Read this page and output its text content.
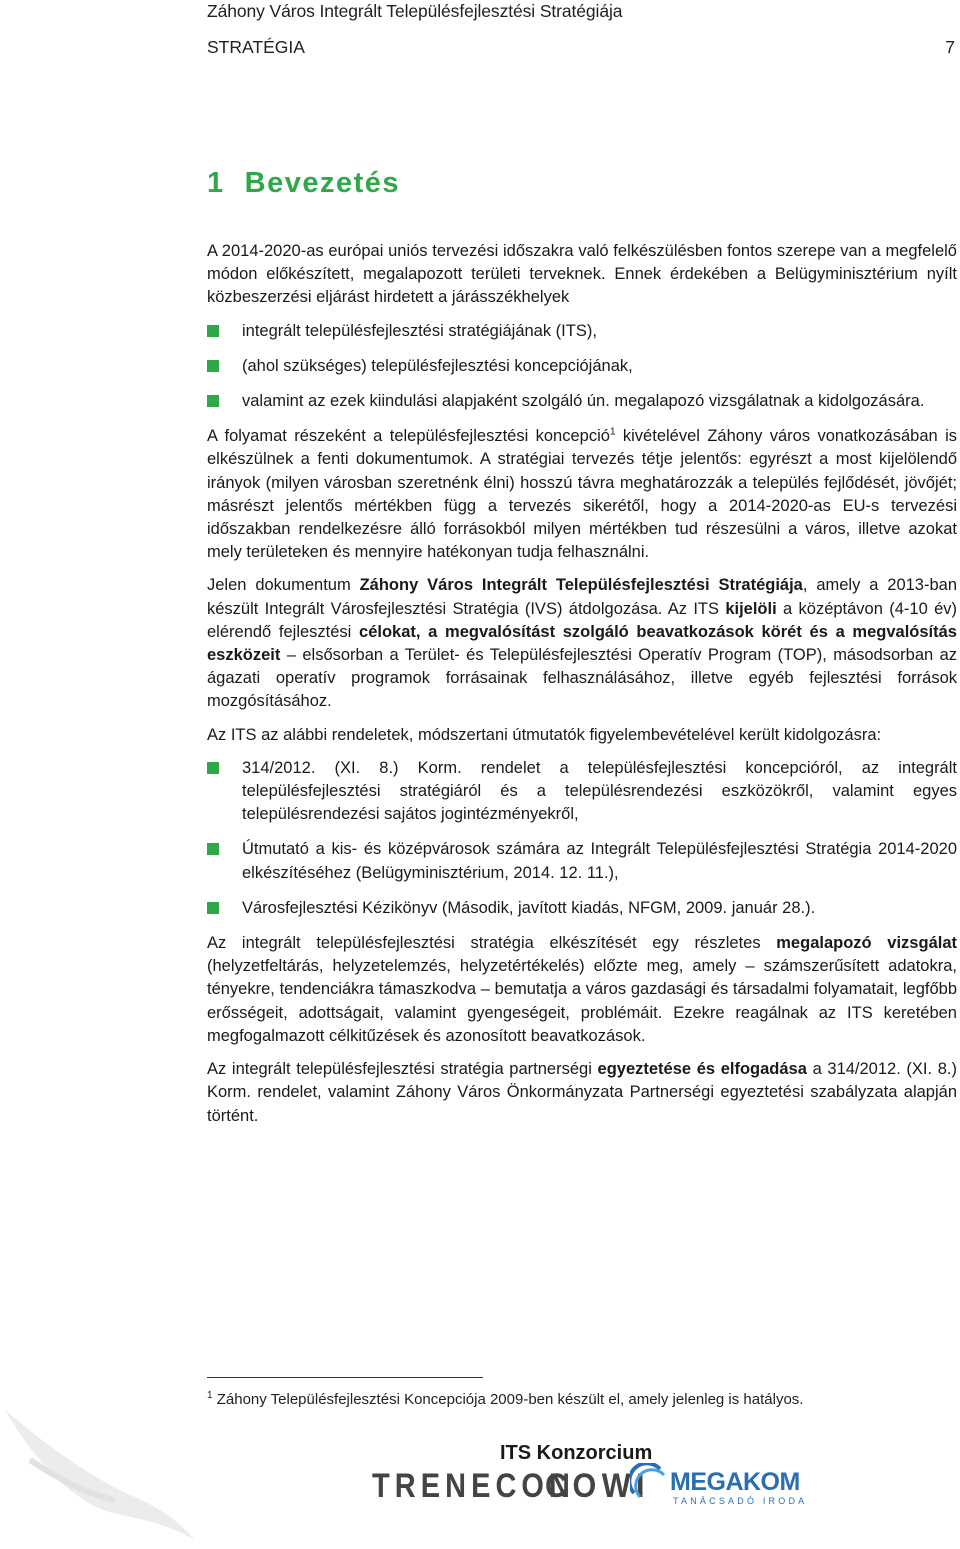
Záhony Város Integrált Településfejlesztési Stratégiája
STRATÉGIA	7
1 Bevezetés

A 2014-2020-as európai uniós tervezési időszakra való felkészülésben fontos szerepe van a megfelelő módon előkészített, megalapozott területi terveknek. Ennek érdekében a Belügyminisztérium nyílt közbeszerzési eljárást hirdetett a járásszékhelyek

integrált településfejlesztési stratégiájának (ITS),
(ahol szükséges) településfejlesztési koncepciójának,
valamint az ezek kiindulási alapjaként szolgáló ún. megalapozó vizsgálatnak a kidolgozására.

A folyamat részeként a településfejlesztési koncepció$^1$ kivételével Záhony város vonatkozásában is elkészülnek a fenti dokumentumok. A stratégiai tervezés tétje jelentős: egyrészt a most kijelölendő irányok (milyen városban szeretnénk élni) hosszú távra meghatározzák a település fejlődését, jövőjét; másrészt jelentős mértékben függ a tervezés sikerétől, hogy a 2014-2020-as EU-s tervezési időszakban rendelkezésre álló forrásokból milyen mértékben tud részesülni a város, illetve azokat mely területeken és mennyire hatékonyan tudja felhasználni.

Jelen dokumentum Záhony Város Integrált Településfejlesztési Stratégiája, amely a 2013-ban készült Integrált Városfejlesztési Stratégia (IVS) átdolgozása. Az ITS kijelöli a középtávon (4-10 év) elérendő fejlesztési célokat, a megvalósítást szolgáló beavatkozások körét és a megvalósítás eszközeit – elsősorban a Terület- és Településfejlesztési Operatív Program (TOP), másodsorban az ágazati operatív programok forrásainak felhasználásához, illetve egyéb fejlesztési források mozgósításához.

Az ITS az alábbi rendeletek, módszertani útmutatók figyelembevételével került kidolgozásra:

314/2012. (XI. 8.) Korm. rendelet a településfejlesztési koncepcióról, az integrált településfejlesztési stratégiáról és a településrendezési eszközökről, valamint egyes településrendezési sajátos jogintézményekről,
Útmutató a kis- és középvárosok számára az Integrált Településfejlesztési Stratégia 2014-2020 elkészítéséhez (Belügyminisztérium, 2014. 12. 11.),
Városfejlesztési Kézikönyv (Második, javított kiadás, NFGM, 2009. január 28.).

Az integrált településfejlesztési stratégia elkészítését egy részletes megalapozó vizsgálat (helyzetfeltárás, helyzetelemzés, helyzetértékelés) előzte meg, amely – számszerűsített adatokra, tényekre, tendenciákra támaszkodva – bemutatja a város gazdasági és társadalmi folyamatait, legfőbb erősségeit, adottságait, valamint gyengeségeit, problémáit. Ezekre reagálnak az ITS keretében megfogalmazott célkitűzések és azonosított beavatkozások.

Az integrált településfejlesztési stratégia partnerségi egyeztetése és elfogadása a 314/2012. (XI. 8.) Korm. rendelet, valamint Záhony Város Önkormányzata Partnerségi egyeztetési szabályzata alapján történt.

$^1$ Záhony Településfejlesztési Koncepciója 2009-ben készült el, amely jelenleg is hatályos.
ITS Konzorcium
TRENECON
COWI MEGAKOM
TANÁCSADÓ IRODA
